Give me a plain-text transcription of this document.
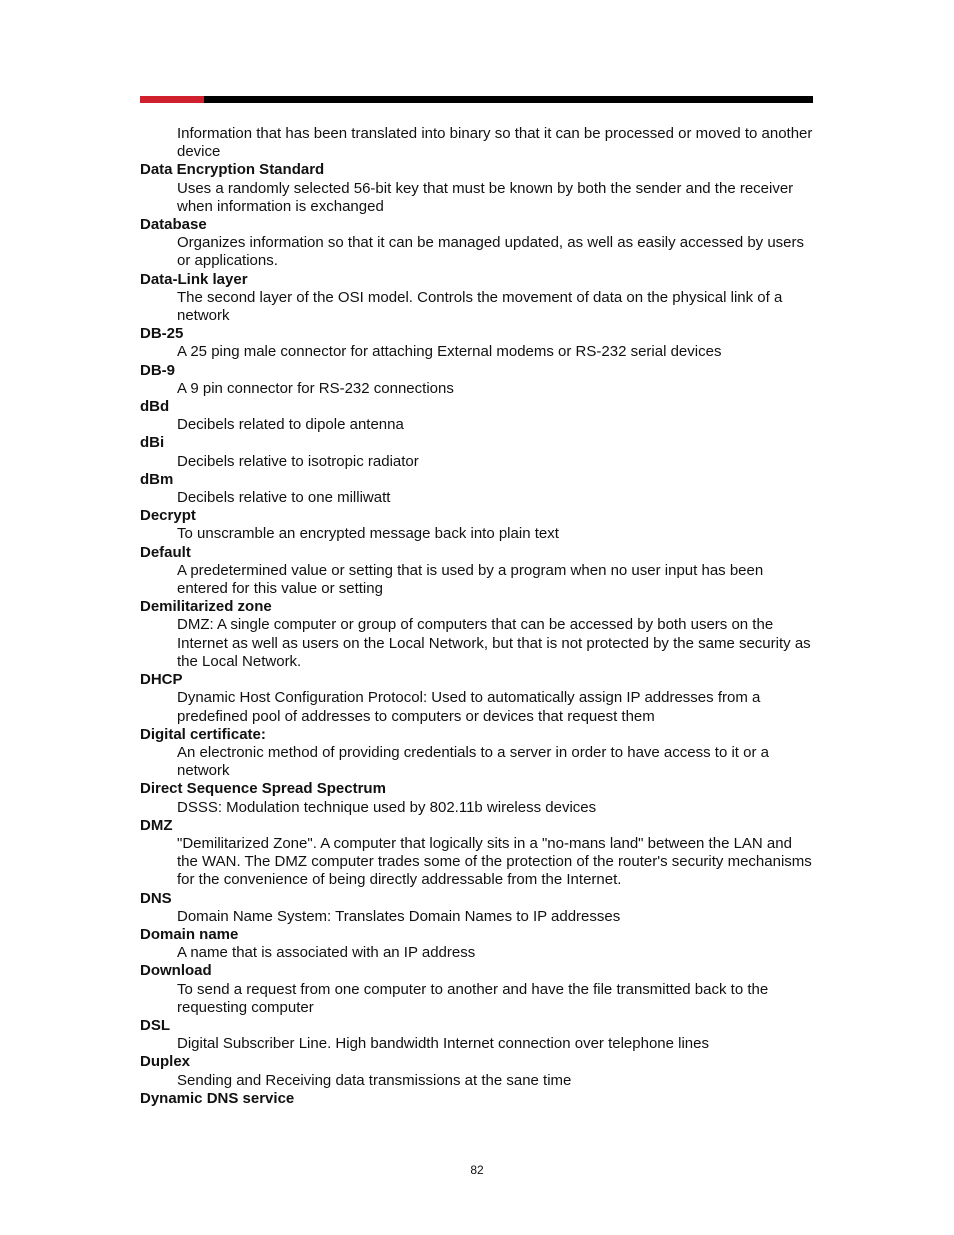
Information that has been translated into binary so that it can be processed or moved to another device

Data Encryption Standard

Uses a randomly selected 56-bit key that must be known by both the sender and the receiver when information is exchanged

Database

Organizes information so that it can be managed updated, as well as easily accessed by users or applications.

Data-Link layer

The second layer of the OSI model. Controls the movement of data on the physical link of a network

DB-25

A 25 ping male connector for attaching External modems or RS-232 serial devices

DB-9

A 9 pin connector for RS-232 connections

dBd

Decibels related to dipole antenna

dBi

Decibels relative to isotropic radiator

dBm

Decibels relative to one milliwatt

Decrypt

To unscramble an encrypted message back into plain text

Default

A predetermined value or setting that is used by a program when no user input has been entered for this value or setting

Demilitarized zone

DMZ: A single computer or group of computers that can be accessed by both users on the Internet as well as users on the Local Network, but that is not protected by the same security as the Local Network.

DHCP

Dynamic Host Configuration Protocol: Used to automatically assign IP addresses from a predefined pool of addresses to computers or devices that request them

Digital certificate:

An electronic method of providing credentials to a server in order to have access to it or a network

Direct Sequence Spread Spectrum

DSSS: Modulation technique used by 802.11b wireless devices

DMZ

"Demilitarized Zone". A computer that logically sits in a "no-mans land" between the LAN and the WAN. The DMZ computer trades some of the protection of the router's security mechanisms for the convenience of being directly addressable from the Internet.

DNS

Domain Name System: Translates Domain Names to IP addresses

Domain name

A name that is associated with an IP address

Download

To send a request from one computer to another and have the file transmitted back to the requesting computer

DSL

Digital Subscriber Line. High bandwidth Internet connection over telephone lines

Duplex

Sending and Receiving data transmissions at the sane time

Dynamic DNS service

82
